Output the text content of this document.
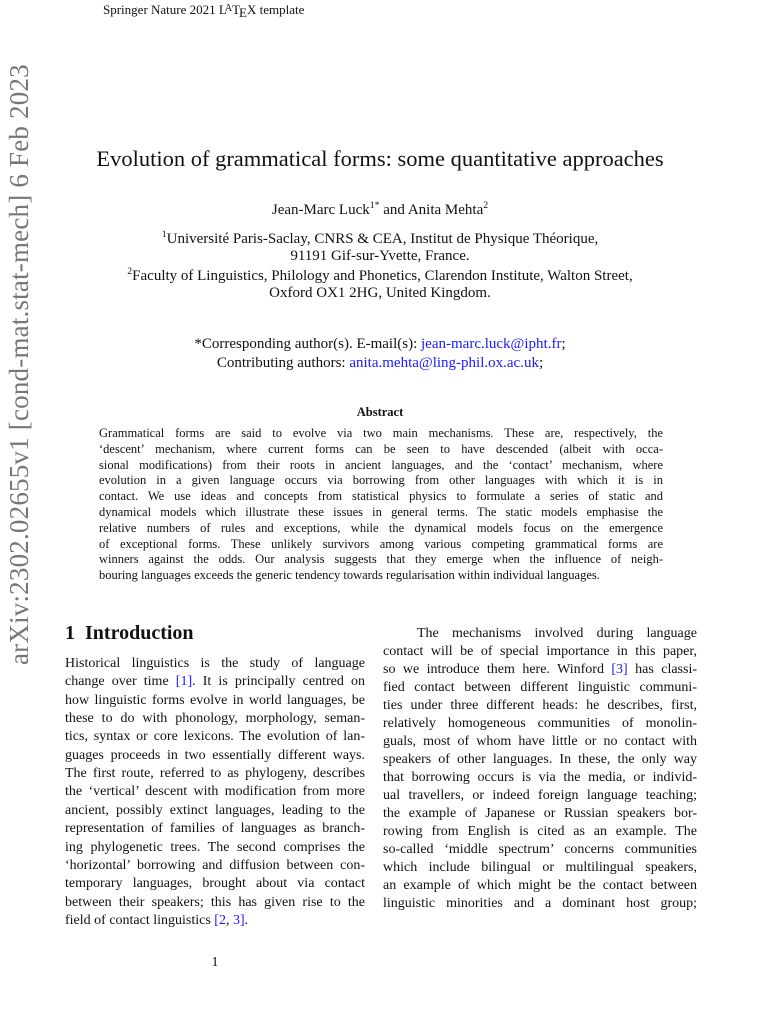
Springer Nature 2021 $L^ATEX$ template
arXiv:2302.02655v1 [cond-mat.stat-mech] 6 Feb 2023	Evolution of grammatical forms: some quantitative approaches
Jean-Marc Luck$^{1*}$ and Anita Mehta$^2$
$^1$Université Paris-Saclay, CNRS & CEA, Institut de Physique Théorique,
91191 Gif-sur-Yvette, France.
$^2$Faculty of Linguistics, Philology and Phonetics, Clarendon Institute, Walton Street,
Oxford OX1 2HG, United Kingdom.
*Corresponding author(s). E-mail(s): jean-marc.luck@ipht.fr;
Contributing authors: anita.mehta@ling-phil.ox.ac.uk;
Abstract
Grammatical forms are said to evolve via two main mechanisms. These are, respectively, the
‘descent’ mechanism, where current forms can be seen to have descended (albeit with occa-
sional modifications) from their roots in ancient languages, and the ‘contact’ mechanism, where
evolution in a given language occurs via borrowing from other languages with which it is in
contact. We use ideas and concepts from statistical physics to formulate a series of static and
dynamical models which illustrate these issues in general terms. The static models emphasise the
relative numbers of rules and exceptions, while the dynamical models focus on the emergence
of exceptional forms. These unlikely survivors among various competing grammatical forms are
winners against the odds. Our analysis suggests that they emerge when the influence of neigh-
bouring languages exceeds the generic tendency towards regularisation within individual languages.
1 Introduction
Historical linguistics is the study of language
change over time [1]. It is principally centred on
how linguistic forms evolve in world languages, be
these to do with phonology, morphology, seman-
tics, syntax or core lexicons. The evolution of lan-
guages proceeds in two essentially different ways.
The first route, referred to as phylogeny, describes
the ‘vertical’ descent with modification from more
ancient, possibly extinct languages, leading to the
representation of families of languages as branch-
ing phylogenetic trees. The second comprises the
‘horizontal’ borrowing and diffusion between con-
temporary languages, brought about via contact
between their speakers; this has given rise to the
field of contact linguistics [2, 3].
The mechanisms involved during language
contact will be of special importance in this paper,
so we introduce them here. Winford [3] has classi-
fied contact between different linguistic communi-
ties under three different heads: he describes, first,
relatively homogeneous communities of monolin-
guals, most of whom have little or no contact with
speakers of other languages. In these, the only way
that borrowing occurs is via the media, or individ-
ual travellers, or indeed foreign language teaching;
the example of Japanese or Russian speakers bor-
rowing from English is cited as an example. The
so-called ‘middle spectrum’ concerns communities
which include bilingual or multilingual speakers,
an example of which might be the contact between
linguistic minorities and a dominant host group;
1
